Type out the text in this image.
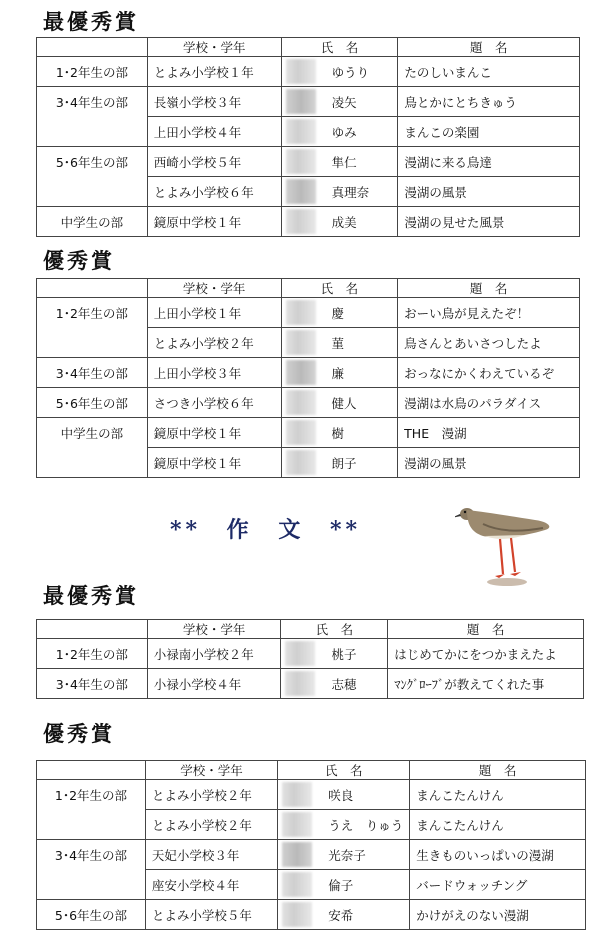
最優秀賞
	学校・学年	氏　名	題　名
1･2年生の部	とよみ小学校１年	ゆうり	たのしいまんこ
3･4年生の部	長嶺小学校３年	凌矢	鳥とかにとちきゅう
	上田小学校４年	ゆみ	まんこの楽園
5･6年生の部	西崎小学校５年	隼仁	漫湖に来る鳥達
	とよみ小学校６年	真理奈	漫湖の風景
中学生の部	鏡原中学校１年	成美	漫湖の見せた風景
優秀賞
	学校・学年	氏　名	題　名
1･2年生の部	上田小学校１年	慶	おーい鳥が見えたぞ！
	とよみ小学校２年	菫	鳥さんとあいさつしたよ
3･4年生の部	上田小学校３年	廉	おっなにかくわえているぞ
5･6年生の部	さつき小学校６年	健人	漫湖は水鳥のパラダイス
中学生の部	鏡原中学校１年	樹	THE　漫湖
	鏡原中学校１年	朗子	漫湖の風景
** 作 文 **
最優秀賞
	学校・学年	氏　名	題　名
1･2年生の部	小禄南小学校２年	桃子	はじめてかにをつかまえたよ
3･4年生の部	小禄小学校４年	志穂	ﾏﾝｸﾞﾛｰﾌﾞが教えてくれた事
優秀賞
	学校・学年	氏　名	題　名
1･2年生の部	とよみ小学校２年	咲良	まんこたんけん
	とよみ小学校２年	うえ　りゅう	まんこたんけん
3･4年生の部	天妃小学校３年	光奈子	生きものいっぱいの漫湖
	座安小学校４年	倫子	バードウォッチング
5･6年生の部	とよみ小学校５年	安希	かけがえのない漫湖
